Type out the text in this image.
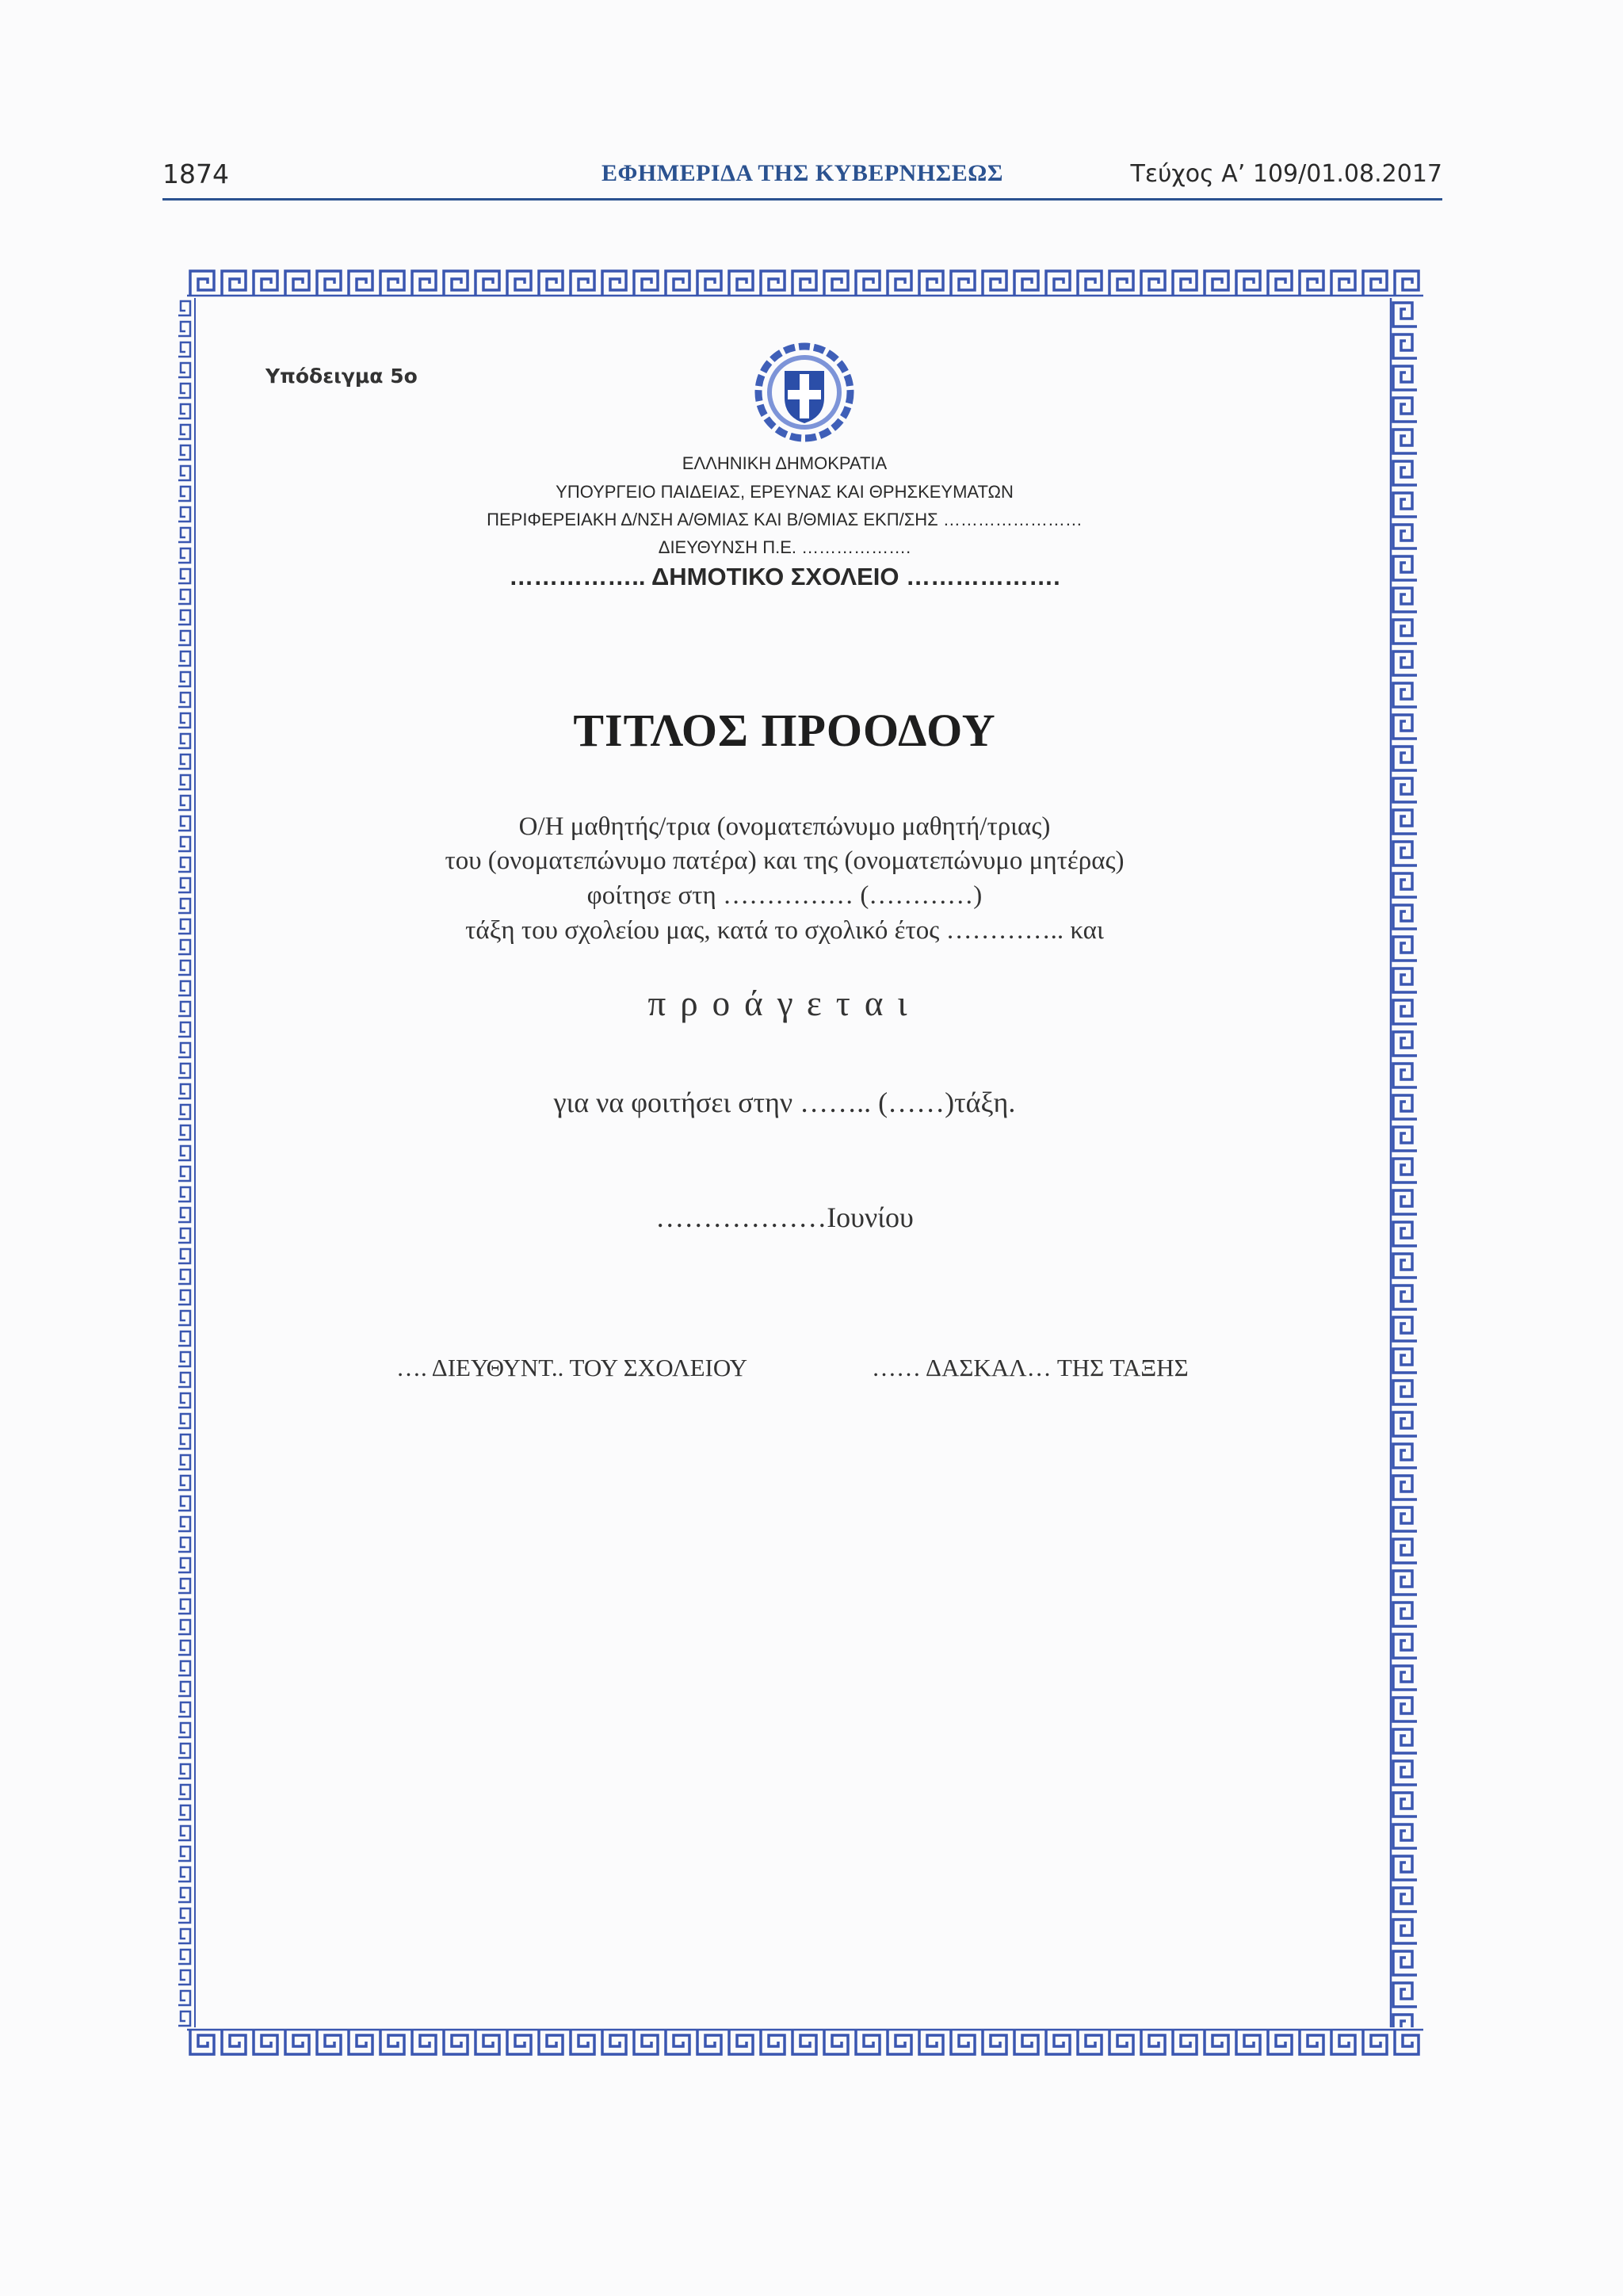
1874	ΕΦΗΜΕΡΙΔΑ ΤΗΣ ΚΥΒΕΡΝΗΣΕΩΣ	Τεύχος Α’ 109/01.08.2017
Υπόδειγμα 5ο
ΕΛΛΗΝΙΚΗ ΔΗΜΟΚΡΑΤΙΑ
ΥΠΟΥΡΓΕΙΟ ΠΑΙΔΕΙΑΣ, ΕΡΕΥΝΑΣ ΚΑΙ ΘΡΗΣΚΕΥΜΑΤΩΝ
ΠΕΡΙΦΕΡΕΙΑΚΗ Δ/ΝΣΗ Α/ΘΜΙΑΣ ΚΑΙ Β/ΘΜΙΑΣ ΕΚΠ/ΣΗΣ ……………………
ΔΙΕΥΘΥΝΣΗ Π.Ε. ……………….
…………….. ΔΗΜΟΤΙΚΟ ΣΧΟΛΕΙΟ ……………….
ΤΙΤΛΟΣ ΠΡΟΟΔΟΥ
Ο/Η μαθητής/τρια (ονοματεπώνυμο μαθητή/τριας)
του (ονοματεπώνυμο πατέρα) και της (ονοματεπώνυμο μητέρας)
φοίτησε στη …………… (…………)
τάξη του σχολείου μας, κατά το σχολικό έτος ………….. και
προάγεται
για να φοιτήσει στην …….. (……)τάξη.
………………Ιουνίου
…. ΔΙΕΥΘΥΝΤ.. ΤΟΥ ΣΧΟΛΕΙΟΥ	…… ΔΑΣΚΑΛ… ΤΗΣ ΤΑΞΗΣ
